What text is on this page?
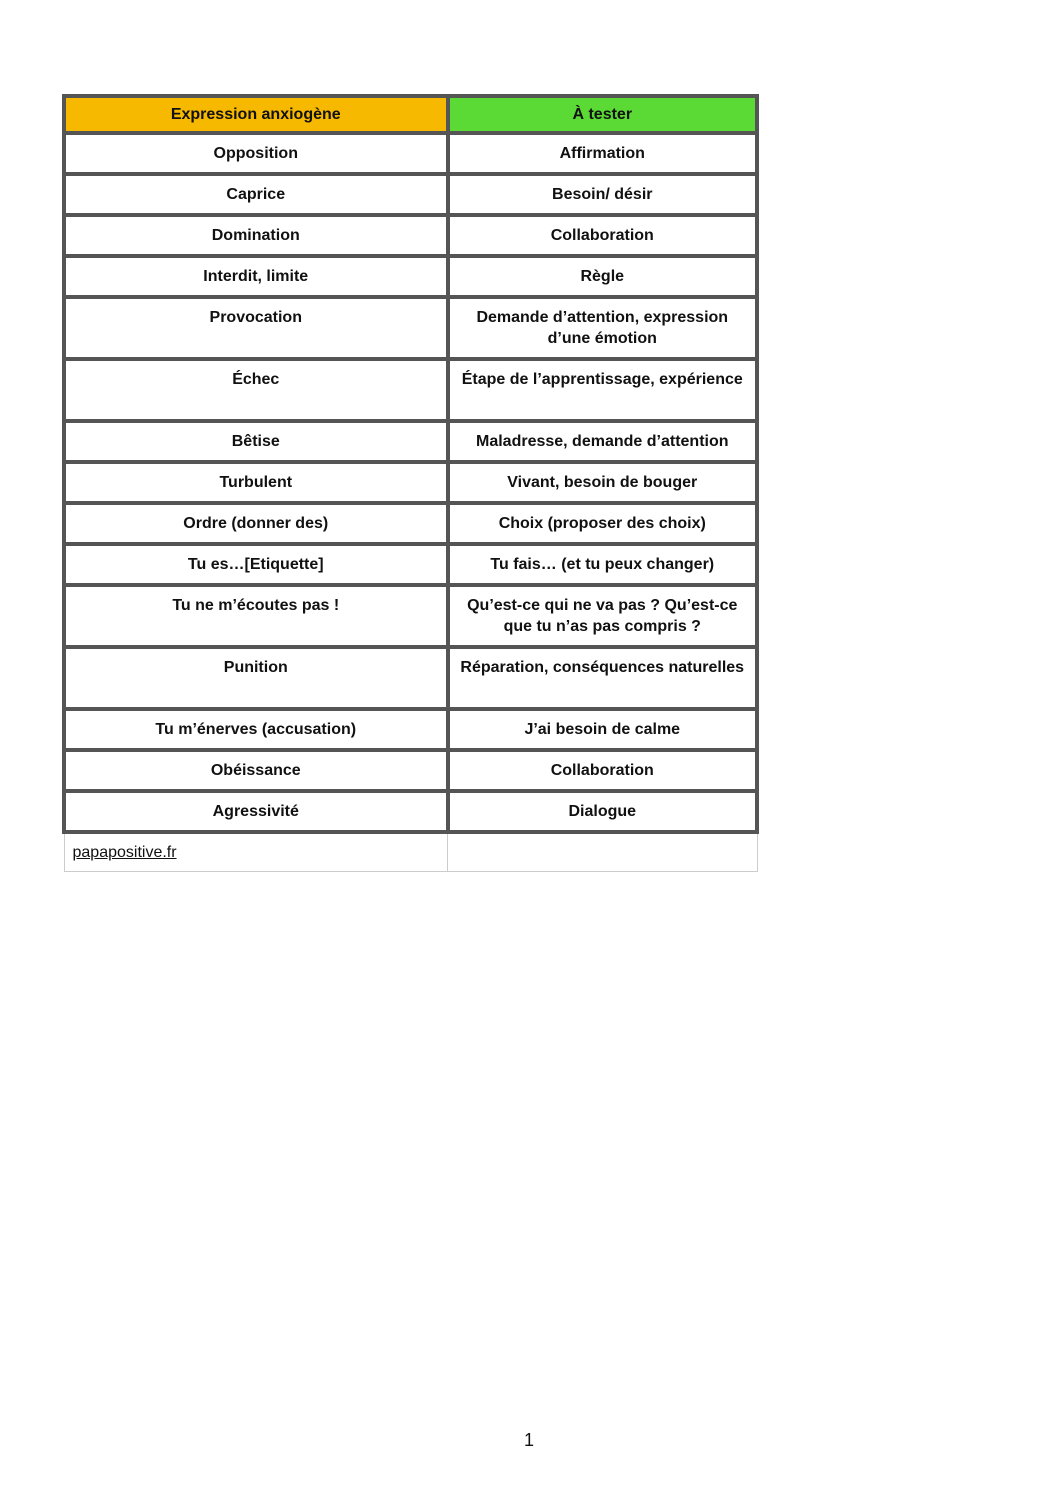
Expression anxiogène	À tester
Opposition	Affirmation
Caprice	Besoin/ désir
Domination	Collaboration
Interdit, limite	Règle
Provocation	Demande d’attention, expression d’une émotion
Échec	Étape de l’apprentissage, expérience
Bêtise	Maladresse, demande d’attention
Turbulent	Vivant, besoin de bouger
Ordre (donner des)	Choix (proposer des choix)
Tu es…[Etiquette]	Tu fais… (et tu peux changer)
Tu ne m’écoutes pas !	Qu’est-ce qui ne va pas ? Qu’est-ce que tu n’as pas compris ?
Punition	Réparation, conséquences naturelles
Tu m’énerves (accusation)	J’ai besoin de calme
Obéissance	Collaboration
Agressivité	Dialogue
papapositive.fr	
1
